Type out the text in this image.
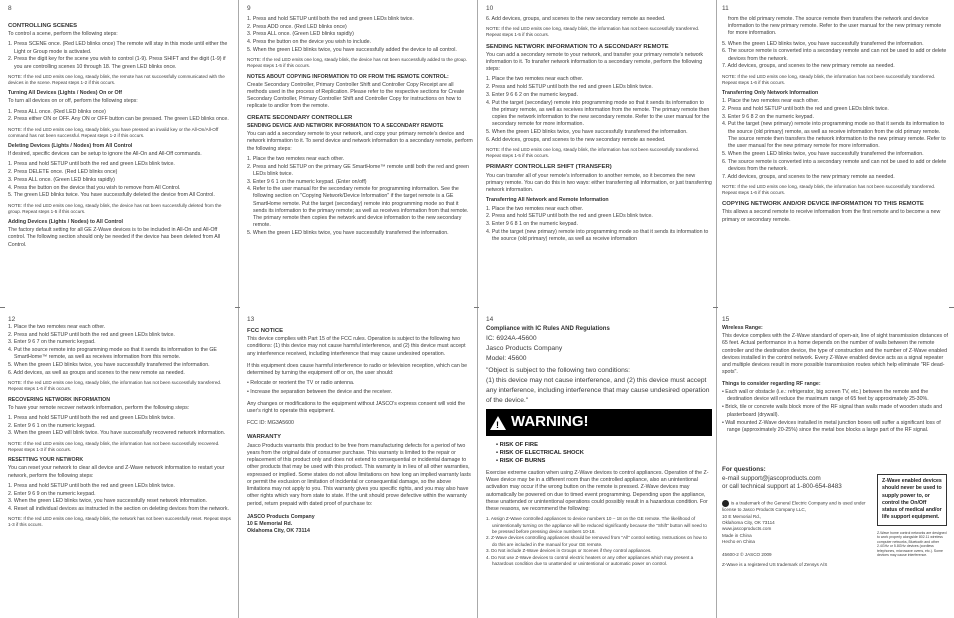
8
CONTROLLING SCENES

To control a scene, perform the following steps:

1. Press SCENE once. (Red LED blinks once) The remote will stay in this mode until either the Light or Group mode is activated.
2. Press the digit key for the scene you wish to control (1-9). Press SHIFT and the digit (1-9) if you are controlling scenes 10 through 18. The green LED blinks once.
NOTE: If the red LED emits one long, steady blink, the remote has not successfully communicated with the devices in the scene. Repeat steps 1-2 if this occurs.
Turning All Devices (Lights / Nodes) On or Off

To turn all devices on or off, perform the following steps:

1. Press ALL once. (Red LED blinks once)
2. Press either ON or OFF. Any ON or OFF button can be pressed. The green LED blinks once.
NOTE: If the red LED emits one long, steady blink, you have pressed an invalid key or the All-On/All-Off command has not been successful. Repeat steps 1-2 if this occurs.
Deleting Devices (Lights / Nodes) from All Control

If desired, specific devices can be setup to ignore the All-On and All-Off commands.

1. Press and hold SETUP until both the red and green LEDs blink twice.
2. Press DELETE once. (Red LED blinks once)
3. Press ALL once. (Green LED blinks rapidly)
4. Press the button on the device that you wish to remove from All Control.
5. The green LED blinks twice. You have successfully deleted the device from All Control.
NOTE: If the red LED emits one long, steady blink, the device has not been successfully deleted from the group. Repeat steps 1-5 if this occurs.
Adding Devices (Lights / Nodes) to All Control

The factory default setting for all GE Z-Wave devices is to be included in All-On and All-Off control. The following section should only be needed if the device has been deleted from All Control.

9
1. Press and hold SETUP until both the red and green LEDs blink twice.
2. Press ADD once. (Red LED blinks once)
3. Press ALL once. (Green LED blinks rapidly)
4. Press the button on the device you wish to include.
5. When the green LED blinks twice, you have successfully added the device to all control.
NOTE: If the red LED emits one long, steady blink, the device has not been successfully added to the group. Repeat steps 1-5 if this occurs.
NOTES ABOUT COPYING INFORMATION TO OR FROM THE REMOTE CONTROL:

Create Secondary Controller, Primary Controller Shift and Controller Copy Receipt are all methods used in the process of Replication. Please refer to the respective sections for Create Secondary Controller, Primary Controller Shift and Controller Copy for instructions on how to replicate to and/or from the remote.

CREATE SECONDARY CONTROLLER
SENDING DEVICE AND NETWORK INFORMATION TO A SECONDARY REMOTE

You can add a secondary remote to your network, and copy your primary remote's device and network information to it. To send device and network information to a secondary remote, perform the following steps:

1. Place the two remotes near each other.
2. Press and hold SETUP on the primary GE SmartHome™ remote until both the red and green LEDs blink twice.
3. Enter 9 6 1 on the numeric keypad. (Enter on/off)
4. Refer to the user manual for the secondary remote for programming information. See the following section on "Copying Network/Device Information" if the target remote is a GE SmartHome remote. Put the target (secondary) remote into programming mode so that it sends its information to the primary remote; as well as receives information from that remote. The primary remote then copies the network and device information to the new secondary remote.
5. When the green LED blinks twice, you have successfully transferred the information.
10

6. Add devices, groups, and scenes to the new secondary remote as needed.

NOTE: If the red LED emits one long, steady blink, the information has not been successfully transferred. Repeat steps 1-5 if this occurs.
SENDING NETWORK INFORMATION TO A SECONDARY REMOTE

You can add a secondary remote to your network, and transfer your primary remote's network information to it. To transfer network information to a secondary remote, perform the following steps:

1. Place the two remotes near each other.
2. Press and hold SETUP until both the red and green LEDs blink twice.
3. Enter 9 6 6 2 on the numeric keypad.
4. Put the target (secondary) remote into programming mode so that it sends its information to the primary remote, as well as receives information from the remote. The primary remote then copies the network information to the new secondary remote. Refer to the user manual for the secondary remote for more information.
5. When the green LED blinks twice, you have successfully transferred the information.
6. Add devices, groups, and scenes to the new secondary remote as needed.
NOTE: If the red LED emits one long, steady blink, the information has not been successfully transferred. Repeat steps 1-5 if this occurs.
PRIMARY CONTROLLER SHIFT (TRANSFER)

You can transfer all of your remote's information to another remote, so it becomes the new primary remote. You can do this in two ways: either transferring all information, or just transferring network information.

Transferring All Network and Remote Information
1. Place the two remotes near each other.
2. Press and hold SETUP until both the red and green LEDs blink twice.
3. Enter 9 6 8 1 on the numeric keypad.
4. Put the target (new primary) remote into programming mode so that it sends its information to the source (old primary) remote, as well as receive information
11

from the old primary remote. The source remote then transfers the network and device information to the new primary remote. Refer to the user manual for the new primary remote for more information.

5. When the green LED blinks twice, you have successfully transferred the information.
6. The source remote is converted into a secondary remote and can not be used to add or delete devices from the network.
7. Add devices, groups, and scenes to the new primary remote as needed.
NOTE: If the red LED emits one long, steady blink, the information has not been successfully transferred. Repeat steps 1-6 if this occurs.
Transferring Only Network Information
1. Place the two remotes near each other.
2. Press and hold SETUP until both the red and green LEDs blink twice.
3. Enter 9 6 8 2 on the numeric keypad.
4. Put the target (new primary) remote into programming mode so that it sends its information to the source (old primary) remote, as well as receive information from the old primary remote. The source remote then transfers the network information to the new primary remote. Refer to the user manual for the new primary remote for more information.
5. When the green LED blinks twice, you have successfully transferred the information.
6. The source remote is converted into a secondary remote and can not be used to add or delete devices from the network.
7. Add devices, groups, and scenes to the new primary remote as needed.
NOTE: If the red LED emits one long, steady blink, the information has not been successfully transferred. Repeat steps 1-6 if this occurs.
COPYING NETWORK AND/OR DEVICE INFORMATION TO THIS REMOTE

This allows a second remote to receive information from the first remote and to become a new primary or secondary remote.

12
1. Place the two remotes near each other.
2. Press and hold SETUP until both the red and green LEDs blink twice.
3. Enter 9 6 7 on the numeric keypad.
4. Put the source remote into programming mode so that it sends its information to the GE SmartHome™ remote, as well as receives information from this remote.
5. When the green LED blinks twice, you have successfully transferred the information.
6. Add devices, as well as groups and scenes to the new remote as needed.
NOTE: If the red LED emits one long, steady blink, the information has not been successfully transferred. Repeat steps 1-6 if this occurs.
RECOVERING NETWORK INFORMATION

To have your remote recover network information, perform the following steps:

1. Press and hold SETUP until both the red and green LEDs blink twice.
2. Enter 9 6 1 on the numeric keypad.
3. When the green LED will blink twice. You have successfully recovered network information.
NOTE: If the red LED emits one long, steady blink, the information has not been successfully recovered. Repeat steps 1-3 if this occurs.
RESETTING YOUR NETWORK

You can reset your network to clear all device and Z-Wave network information to restart your network, perform the following steps:

1. Press and hold SETUP until both the red and green LEDs blink twice.
2. Enter 9 6 9 on the numeric keypad.
3. When the green LED blinks twice, you have successfully reset network information.
4. Reset all individual devices as instructed in the section on deleting devices from the network.
NOTE: If the red LED emits one long, steady blink, the network has not been successfully reset. Repeat steps 1-3 if this occurs.
13
FCC NOTICE

This device complies with Part 15 of the FCC rules. Operation is subject to the following two conditions: (1) this device may not cause harmful interference, and (2) this device must accept any interference received, including interference that may cause undesired operation.

If this equipment does cause harmful interference to radio or television reception, which can be determined by turning the equipment off or on, the user should:

• Relocate or reorient the TV or radio antenna.
• Increase the separation between the device and the receiver.

Any changes or modifications to the equipment without JASCO's express consent will void the user's right to operate this equipment.

FCC ID: MG3A5600

WARRANTY

Jasco Products warrants this product to be free from manufacturing defects for a period of two years from the original date of consumer purchase. This warranty is limited to the repair or replacement of this product only and does not extend to consequential or incidental damage to other products that may be used with this product. This warranty is in lieu of all other warranties, expressed or implied. Some states do not allow limitations on how long an implied warranty lasts or permit the exclusion or limitation of incidental or consequential damage, so the above limitations may not apply to you. This warranty gives you specific rights, and you may also have other rights which vary from state to state. If the unit should prove defective within the warranty period, return prepaid with dated proof of purchase to:

JASCO Products Company
10 E Memorial Rd.
Oklahoma City, OK 73114
14
Compliance with IC Rules AND Regulations
IC: 6924A-45600
Jasco Products Company
Model: 45600

"Object is subject to the following two conditions:

(1) this device may not cause interference, and (2) this device must accept any interference, including interference that may cause undesired operation of the device."

! WARNING!
• RISK OF FIRE
• RISK OF ELECTRICAL SHOCK
• RISK OF BURNS

Exercise extreme caution when using Z-Wave devices to control appliances. Operation of the Z-Wave device may be in a different room than the controlled appliance, also an unintentional activation may occur if the wrong button on the remote is pressed. Z-Wave devices may automatically be powered on due to timed event programming. Depending upon the appliance, these unattended or unintentional operations could possibly result in a hazardous condition. For these reasons, we recommend the following:

1. Assign Z-Wave controlled appliances to device numbers 10 – 18 on the GE remote. The likelihood of unintentionally turning on the appliance will be reduced significantly because the "Shift" button will need to be pressed before pressing device numbers 10-18.
2. Z-Wave devices controlling appliances should be removed from "All" control setting. Instructions on how to do this are included in the manual for your GE remote.
3. Do Not include Z-Wave devices in Groups or Scenes if they control appliances.
4. Do Not use Z-Wave devices to control electric heaters or any other appliances which may present a hazardous condition due to unattended or unintentional or automatic power on control.
15
Wireless Range:

This device complies with the Z-Wave standard of open-air, line of sight transmission distances of 65 feet. Actual performance in a home depends on the number of walls between the remote controller and the destination device, the type of construction and the number of Z-Wave enabled devices installed in the control network. Every Z-Wave enabled device acts as a signal repeater and multiple devices result in more possible transmission routes which help eliminate "RF dead-spots".

Things to consider regarding RF range:
• Each wall or obstacle (i.e.: refrigerator, big screen TV, etc.) between the remote and the destination device will reduce the maximum range of 65 feet by approximately 25-30%.
• Brick, tile or concrete walls block more of the RF signal than walls made of wooden studs and plasterboard (drywall).
• Wall mounted Z-Wave devices installed in metal junction boxes will suffer a significant loss of range (approximately 20-25%) since the metal box blocks a large part of the RF signal.
For questions:
e-mail support@jascoproducts.com
or call technical support at 1-800-654-8483
is a trademark of the General Electric Company and is used under license to Jasco Products Company LLC,
10 E Memorial Rd.,
Oklahoma City, OK 73114
www.jascoproducts.com
Made in China
Hecho en China
45600-2 © JASCO 2009
Z-Wave is a registered US trademark of Zensys A/S
Z-Wave enabled devices should never be used to supply power to, or control the On/Off status of medical and/or life support equipment.
Z-Wave home control networks are designed to work properly alongside 802.11 wireless computer networks, Bluetooth and other 2.4GHz or 5.8GHz devices (cordless telephones, microwave ovens, etc.). Some devices may cause interference.
